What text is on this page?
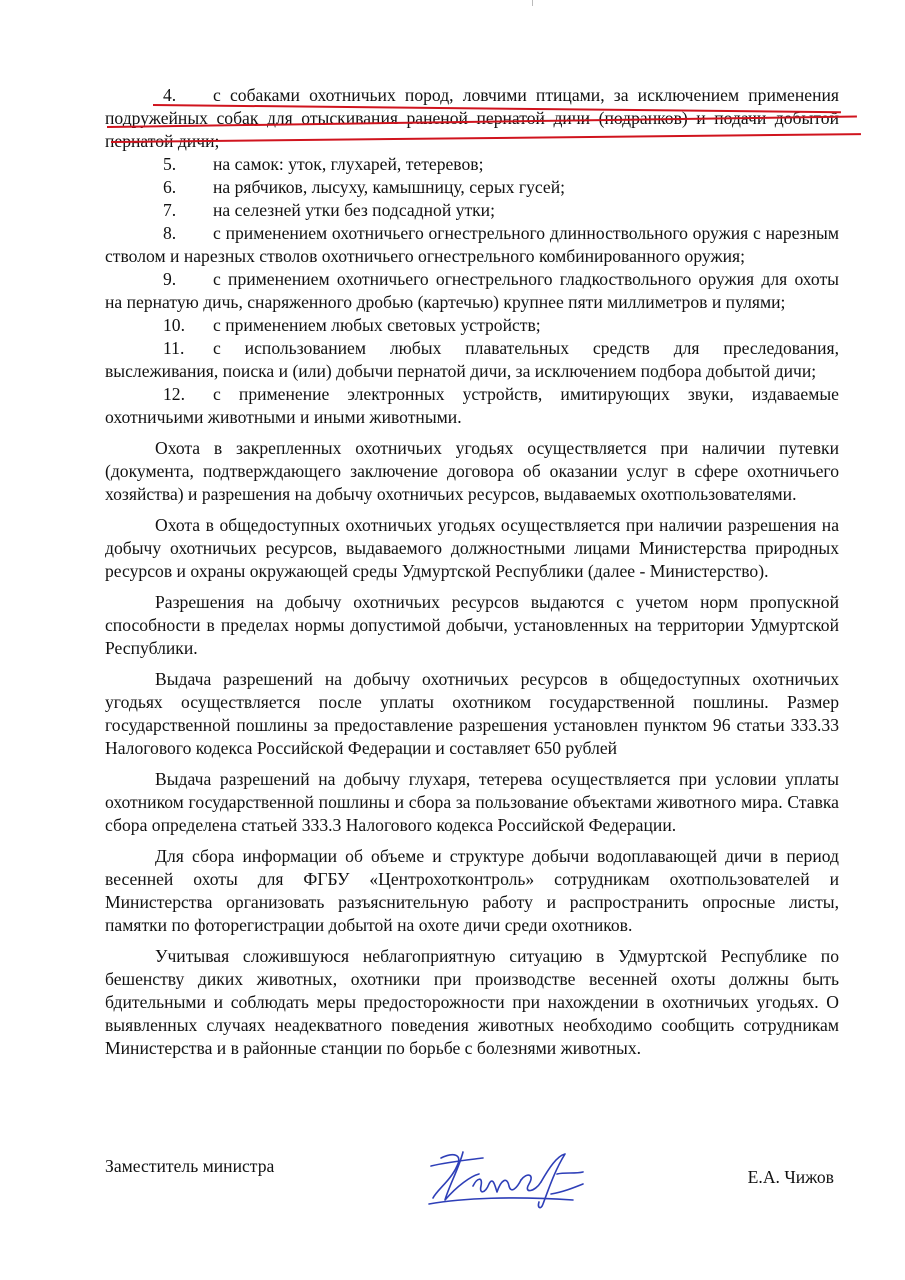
4. с собаками охотничьих пород, ловчими птицами, за исключением применения подружейных собак для отыскивания раненой пернатой дичи (подранков) и подачи добытой пернатой дичи;

5. на самок: уток, глухарей, тетеревов;

6. на рябчиков, лысуху, камышницу, серых гусей;

7. на селезней утки без подсадной утки;

8. с применением охотничьего огнестрельного длинноствольного оружия с нарезным стволом и нарезных стволов охотничьего огнестрельного комбинированного оружия;

9. с применением охотничьего огнестрельного гладкоствольного оружия для охоты на пернатую дичь, снаряженного дробью (картечью) крупнее пяти миллиметров и пулями;

10. с применением любых световых устройств;

11. с использованием любых плавательных средств для преследования, выслеживания, поиска и (или) добычи пернатой дичи, за исключением подбора добытой дичи;

12. с применение электронных устройств, имитирующих звуки, издаваемые охотничьими животными и иными животными.

Охота в закрепленных охотничьих угодьях осуществляется при наличии путевки (документа, подтверждающего заключение договора об оказании услуг в сфере охотничьего хозяйства) и разрешения на добычу охотничьих ресурсов, выдаваемых охотпользователями.

Охота в общедоступных охотничьих угодьях осуществляется при наличии разрешения на добычу охотничьих ресурсов, выдаваемого должностными лицами Министерства природных ресурсов и охраны окружающей среды Удмуртской Республики (далее - Министерство).

Разрешения на добычу охотничьих ресурсов выдаются с учетом норм пропускной способности в пределах нормы допустимой добычи, установленных на территории Удмуртской Республики.

Выдача разрешений на добычу охотничьих ресурсов в общедоступных охотничьих угодьях осуществляется после уплаты охотником государственной пошлины. Размер государственной пошлины за предоставление разрешения установлен пунктом 96 статьи 333.33 Налогового кодекса Российской Федерации и составляет 650 рублей

Выдача разрешений на добычу глухаря, тетерева осуществляется при условии уплаты охотником государственной пошлины и сбора за пользование объектами животного мира. Ставка сбора определена статьей 333.3 Налогового кодекса Российской Федерации.

Для сбора информации об объеме и структуре добычи водоплавающей дичи в период весенней охоты для ФГБУ «Центрохотконтроль» сотрудникам охотпользователей и Министерства организовать разъяснительную работу и распространить опросные листы, памятки по фоторегистрации добытой на охоте дичи среди охотников.

Учитывая сложившуюся неблагоприятную ситуацию в Удмуртской Республике по бешенству диких животных, охотники при производстве весенней охоты должны быть бдительными и соблюдать меры предосторожности при нахождении в охотничьих угодьях. О выявленных случаях неадекватного поведения животных необходимо сообщить сотрудникам Министерства и в районные станции по борьбе с болезнями животных.

Заместитель министра
Е.А. Чижов
